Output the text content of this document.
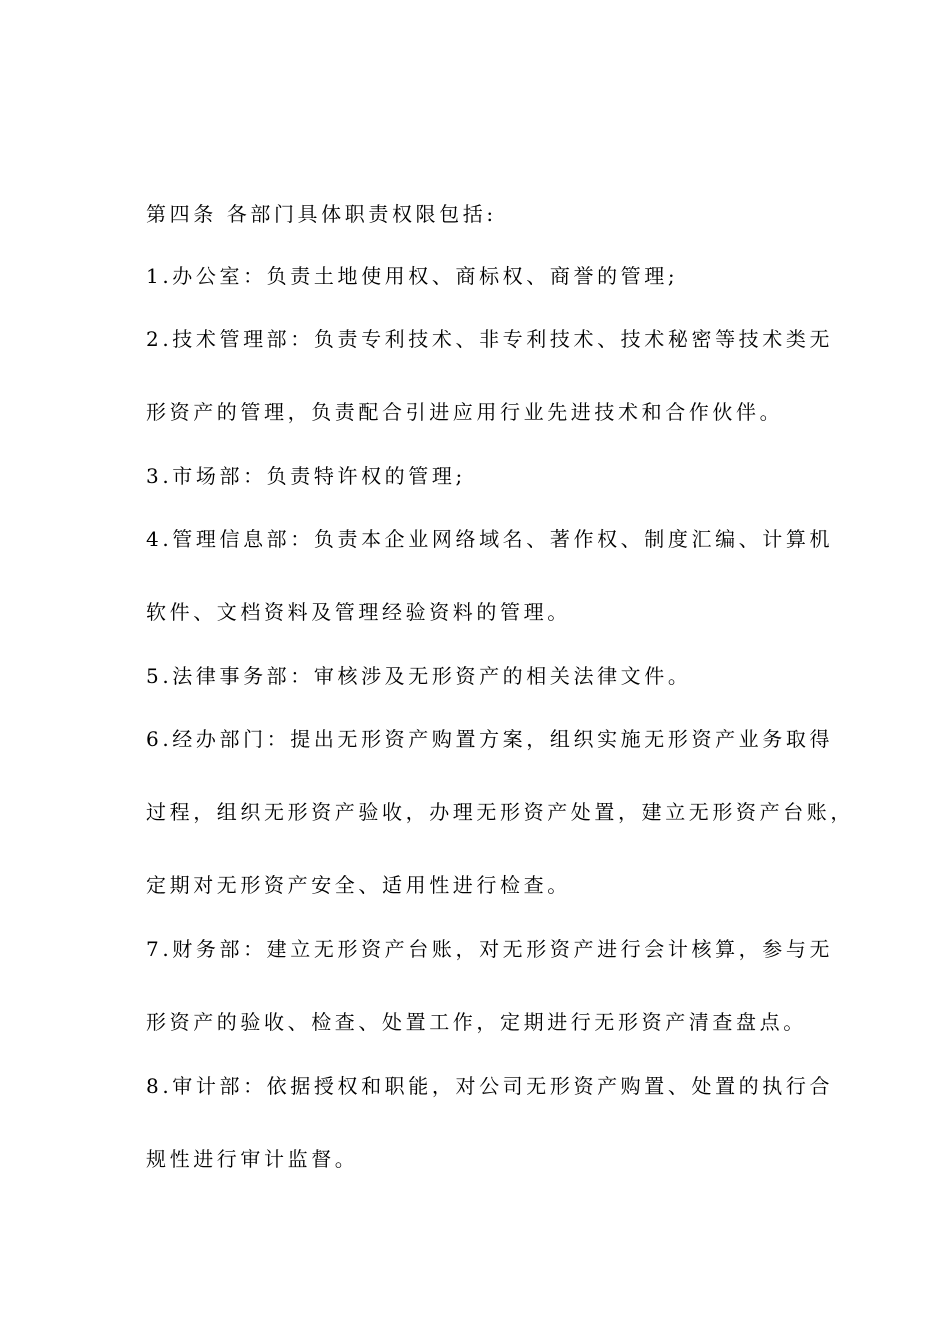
第四条 各部门具体职责权限包括:
1.办公室：负责土地使用权、商标权、商誉的管理;
2.技术管理部：负责专利技术、非专利技术、技术秘密等技术类无
形资产的管理，负责配合引进应用行业先进技术和合作伙伴。
3.市场部：负责特许权的管理;
4.管理信息部：负责本企业网络域名、著作权、制度汇编、计算机
软件、文档资料及管理经验资料的管理。
5.法律事务部：审核涉及无形资产的相关法律文件。
6.经办部门：提出无形资产购置方案，组织实施无形资产业务取得
过程，组织无形资产验收，办理无形资产处置，建立无形资产台账，
定期对无形资产安全、适用性进行检查。
7.财务部：建立无形资产台账，对无形资产进行会计核算，参与无
形资产的验收、检查、处置工作，定期进行无形资产清查盘点。
8.审计部：依据授权和职能，对公司无形资产购置、处置的执行合
规性进行审计监督。
